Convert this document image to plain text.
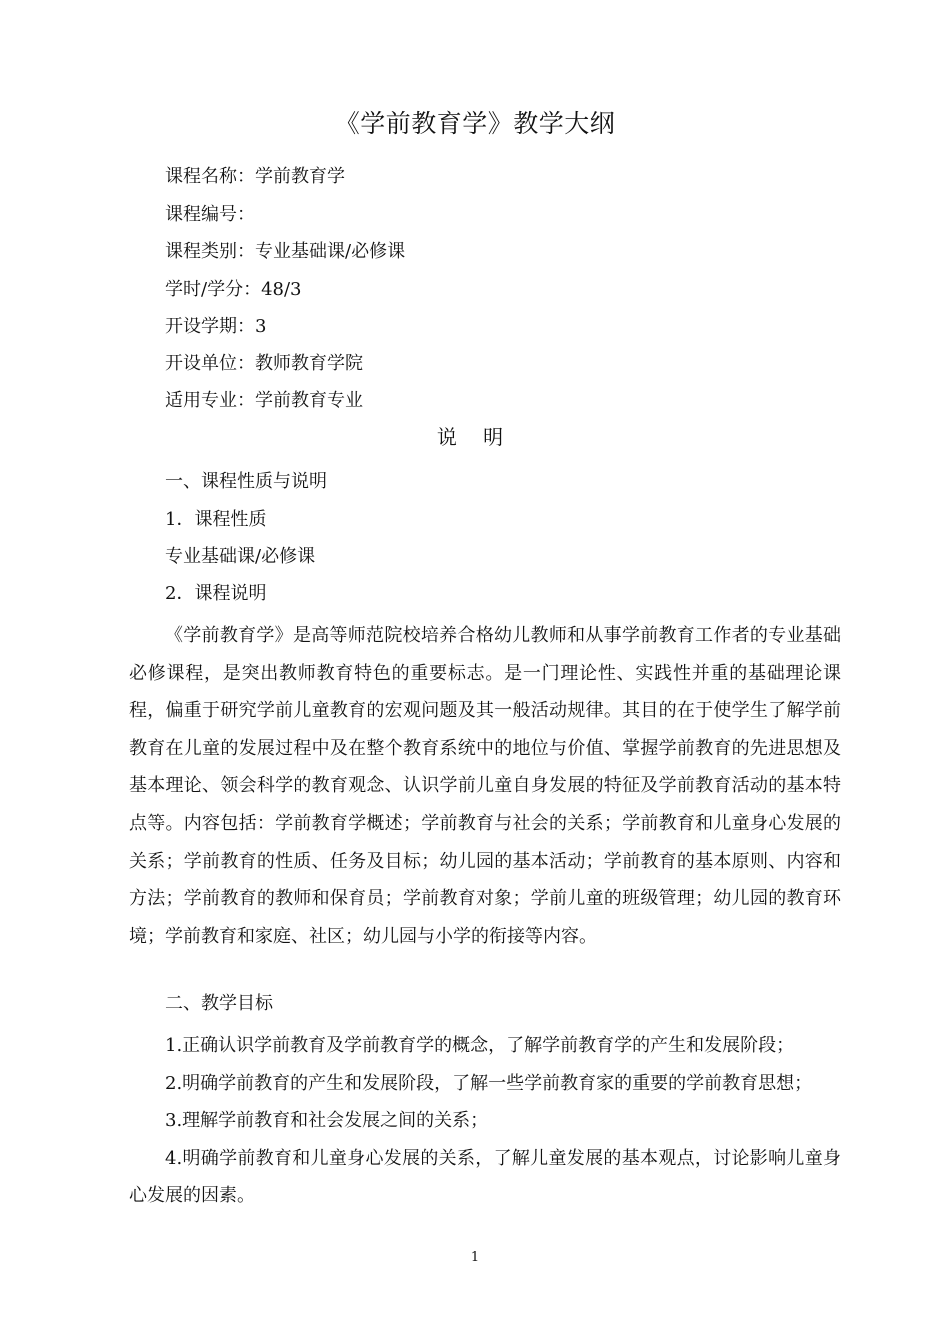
《学前教育学》教学大纲
课程名称：学前教育学
课程编号：
课程类别：专业基础课/必修课
学时/学分：48/3
开设学期：3
开设单位：教师教育学院
适用专业：学前教育专业
说 明
一、课程性质与说明
1．课程性质
专业基础课/必修课
2．课程说明

《学前教育学》是高等师范院校培养合格幼儿教师和从事学前教育工作者的专业基础必修课程，是突出教师教育特色的重要标志。是一门理论性、实践性并重的基础理论课程，偏重于研究学前儿童教育的宏观问题及其一般活动规律。其目的在于使学生了解学前教育在儿童的发展过程中及在整个教育系统中的地位与价值、掌握学前教育的先进思想及基本理论、领会科学的教育观念、认识学前儿童自身发展的特征及学前教育活动的基本特点等。内容包括：学前教育学概述；学前教育与社会的关系；学前教育和儿童身心发展的关系；学前教育的性质、任务及目标；幼儿园的基本活动；学前教育的基本原则、内容和方法；学前教育的教师和保育员；学前教育对象；学前儿童的班级管理；幼儿园的教育环境；学前教育和家庭、社区；幼儿园与小学的衔接等内容。

二、教学目标
1.正确认识学前教育及学前教育学的概念，了解学前教育学的产生和发展阶段；
2.明确学前教育的产生和发展阶段，了解一些学前教育家的重要的学前教育思想；
3.理解学前教育和社会发展之间的关系；
4.明确学前教育和儿童身心发展的关系，了解儿童发展的基本观点，讨论影响儿童身心发展的因素。
1
